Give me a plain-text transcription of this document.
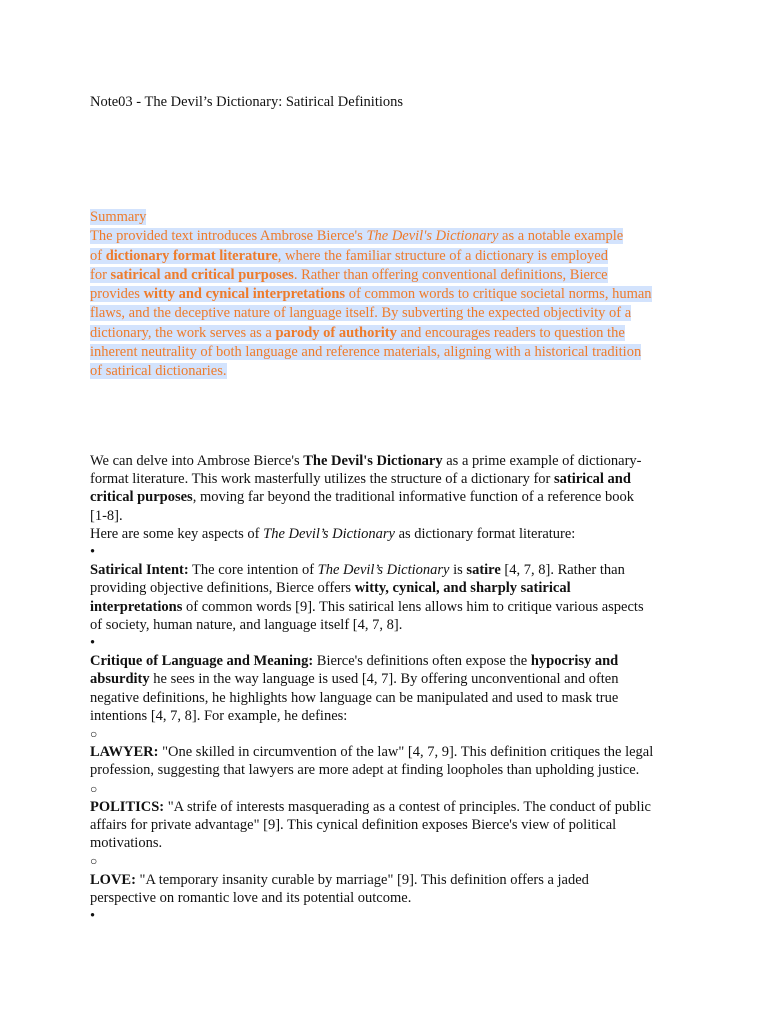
Note03 - The Devil’s Dictionary: Satirical Definitions
Summary
The provided text introduces Ambrose Bierce's The Devil's Dictionary as a notable example
of dictionary format literature, where the familiar structure of a dictionary is employed
for satirical and critical purposes. Rather than offering conventional definitions, Bierce
provides witty and cynical interpretations of common words to critique societal norms, human
flaws, and the deceptive nature of language itself. By subverting the expected objectivity of a
dictionary, the work serves as a parody of authority and encourages readers to question the
inherent neutrality of both language and reference materials, aligning with a historical tradition
of satirical dictionaries.
We can delve into Ambrose Bierce's The Devil's Dictionary as a prime example of dictionary-
format literature. This work masterfully utilizes the structure of a dictionary for satirical and
critical purposes, moving far beyond the traditional informative function of a reference book
[1-8].
Here are some key aspects of The Devil’s Dictionary as dictionary format literature:
•
Satirical Intent: The core intention of The Devil’s Dictionary is satire [4, 7, 8]. Rather than
providing objective definitions, Bierce offers witty, cynical, and sharply satirical
interpretations of common words [9]. This satirical lens allows him to critique various aspects
of society, human nature, and language itself [4, 7, 8].
•
Critique of Language and Meaning: Bierce's definitions often expose the hypocrisy and
absurdity he sees in the way language is used [4, 7]. By offering unconventional and often
negative definitions, he highlights how language can be manipulated and used to mask true
intentions [4, 7, 8]. For example, he defines:
○
LAWYER: "One skilled in circumvention of the law" [4, 7, 9]. This definition critiques the legal
profession, suggesting that lawyers are more adept at finding loopholes than upholding justice.
○
POLITICS: "A strife of interests masquerading as a contest of principles. The conduct of public
affairs for private advantage" [9]. This cynical definition exposes Bierce's view of political
motivations.
○
LOVE: "A temporary insanity curable by marriage" [9]. This definition offers a jaded
perspective on romantic love and its potential outcome.
•
